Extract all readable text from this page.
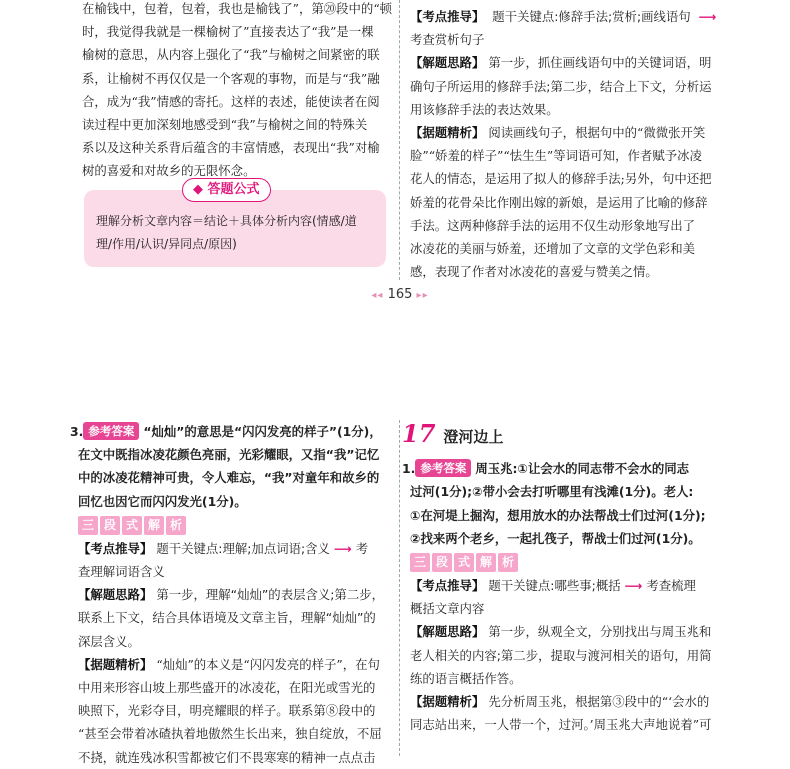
在榆钱中，包着，包着，我也是榆钱了”，第⑳段中的“顿

时，我觉得我就是一棵榆树了”直接表达了“我”是一棵

榆树的意思，从内容上强化了“我”与榆树之间紧密的联

系，让榆树不再仅仅是一个客观的事物，而是与“我”融

合，成为“我”情感的寄托。这样的表述，能使读者在阅

读过程中更加深刻地感受到“我”与榆树之间的特殊关

系以及这种关系背后蕴含的丰富情感，表现出“我”对榆

树的喜爱和对故乡的无限怀念。

◆ 答题公式
理解分析文章内容＝结论＋具体分析内容(情感/道
理/作用/认识/异同点/原因)
【考点推导】 题干关键点:修辞手法;赏析;画线语句 ⟶
考查赏析句子
【解题思路】 第一步，抓住画线语句中的关键词语，明
确句子所运用的修辞手法;第二步，结合上下文，分析运
用该修辞手法的表达效果。
【据题精析】 阅读画线句子，根据句中的“微微张开笑
脸”“娇羞的样子”“怯生生”等词语可知，作者赋予冰凌
花人的情态，是运用了拟人的修辞手法;另外，句中还把
娇羞的花骨朵比作刚出嫁的新娘，是运用了比喻的修辞
手法。这两种修辞手法的运用不仅生动形象地写出了
冰凌花的美丽与娇羞，还增加了文章的文学色彩和美
感，表现了作者对冰凌花的喜爱与赞美之情。
◂◂ 165 ▸▸
3. 参考答案 “灿灿”的意思是“闪闪发亮的样子”(1分)，
在文中既指冰凌花颜色亮丽，光彩耀眼，又指“我”记忆
中的冰凌花精神可贵，令人难忘，“我”对童年和故乡的
回忆也因它而闪闪发光(1分)。
三 段 式 解 析
【考点推导】 题干关键点:理解;加点词语;含义 ⟶ 考
查理解词语含义
【解题思路】 第一步，理解“灿灿”的表层含义;第二步，
联系上下文，结合具体语境及文章主旨，理解“灿灿”的
深层含义。
【据题精析】 “灿灿”的本义是“闪闪发亮的样子”，在句
中用来形容山坡上那些盛开的冰凌花，在阳光或雪光的
映照下，光彩夺目，明亮耀眼的样子。联系第⑧段中的
“甚至会带着冰碴执着地傲然生长出来，独自绽放，不屈
不挠，就连残冰积雪都被它们不畏寒寒的精神一点点击
17 澄河边上
1. 参考答案 周玉兆:①让会水的同志带不会水的同志
过河(1分);②带小会去打听哪里有浅滩(1分)。老人:
①在河堤上掘沟，想用放水的办法帮战士们过河(1分);
②找来两个老乡，一起扎筏子，帮战士们过河(1分)。
三 段 式 解 析
【考点推导】 题干关键点:哪些事;概括 ⟶ 考查梳理
概括文章内容
【解题思路】 第一步，纵观全文，分别找出与周玉兆和
老人相关的内容;第二步，提取与渡河相关的语句，用简
练的语言概括作答。
【据题精析】 先分析周玉兆，根据第③段中的“‘会水的
同志站出来，一人带一个，过河。’周玉兆大声地说着”可
